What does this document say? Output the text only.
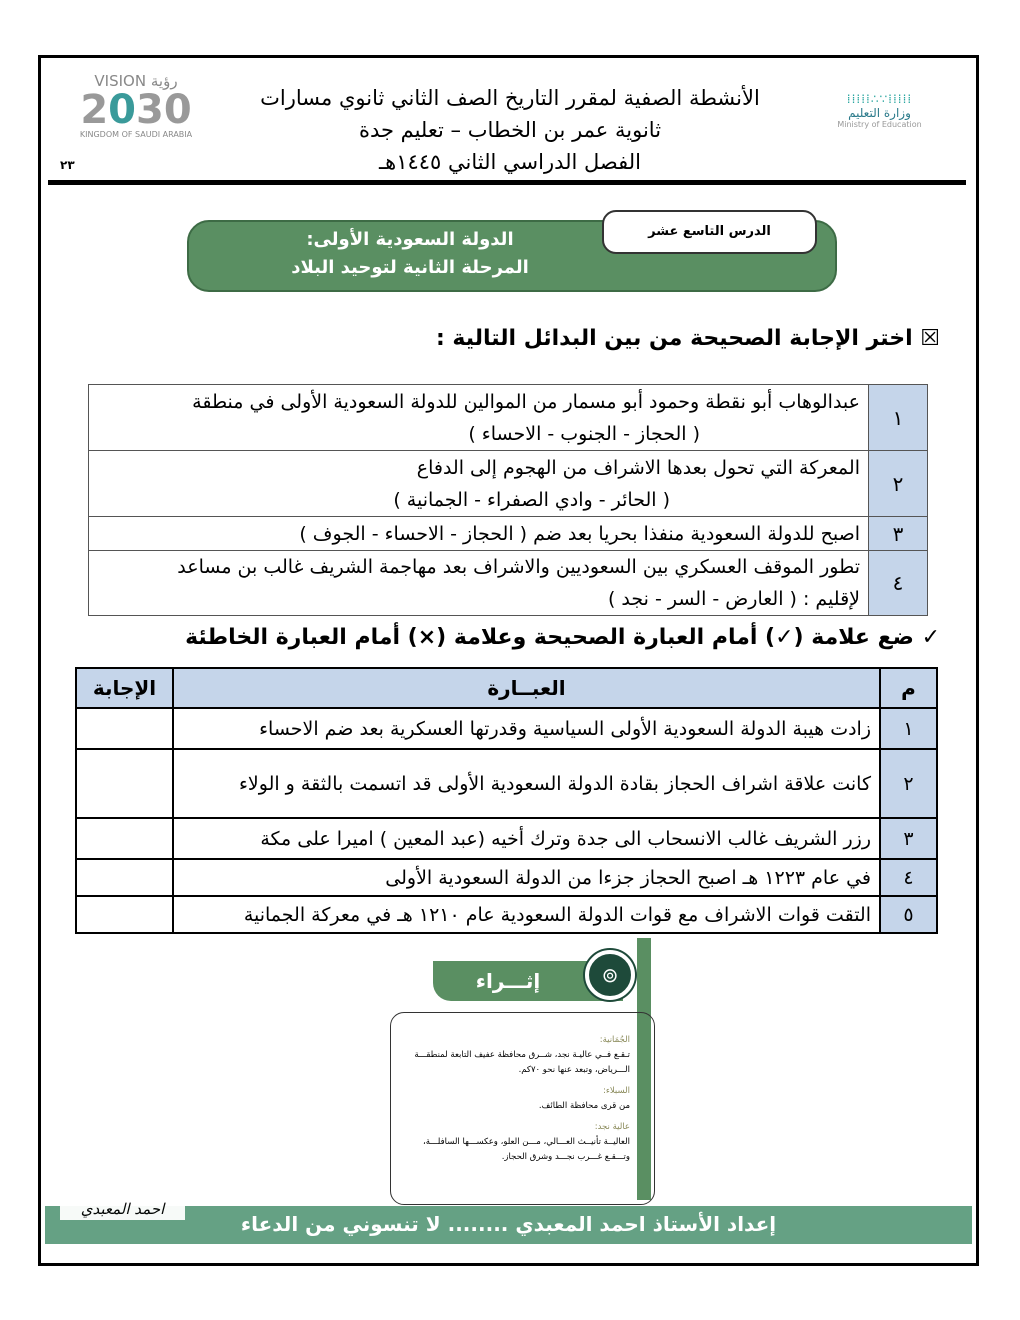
VISION رؤية
2030
KINGDOM OF SAUDI ARABIA
٢٣
الأنشطة الصفية لمقرر التاريخ الصف الثاني ثانوي مسارات
ثانوية عمر بن الخطاب – تعليم جدة
الفصل الدراسي الثاني ١٤٤٥هـ
⁞⁞⁞⁞⁞∴∵⁞⁞⁞⁞⁞
وزارة التعليم
Ministry of Education
الدولة السعودية الأولى:
المرحلة الثانية لتوحيد البلاد
الدرس التاسع عشر
☒ اختر الإجابة الصحيحة من بين البدائل التالية :
١	عبدالوهاب أبو نقطة وحمود أبو مسمار من الموالين للدولة السعودية الأولى في منطقة
( الحجاز - الجنوب - الاحساء )

٢	المعركة التي تحول بعدها الاشراف من الهجوم إلى الدفاع
( الحائر - وادي الصفراء - الجمانية )

٣	اصبح للدولة السعودية منفذا بحريا بعد ضم ( الحجاز - الاحساء - الجوف )

٤	تطور الموقف العسكري بين السعوديين والاشراف بعد مهاجمة الشريف غالب بن مساعد
لإقليم : ( العارض - السر - نجد )
✓ ضع علامة (✓) أمام العبارة الصحيحة وعلامة (×) أمام العبارة الخاطئة
م	العبــارة	الإجابة
١	زادت هيبة الدولة السعودية الأولى السياسية وقدرتها العسكرية بعد ضم الاحساء	
٢	كانت علاقة اشراف الحجاز بقادة الدولة السعودية الأولى قد اتسمت بالثقة و الولاء	
٣	رزر الشريف غالب الانسحاب الى جدة وترك أخيه (عبد المعين ) اميرا على مكة	
٤	في عام ١٢٢٣ هـ اصبح الحجاز جزءا من الدولة السعودية الأولى	
٥	التقت قوات الاشراف مع قوات الدولة السعودية عام ١٢١٠ هـ في معركة الجمانية	
إثـــراء	⊚
الجُمَانية:
تـقـع فــي عاليـة نجد، شــرق محافظة عفيف التابعة لمنطقـــة الـــرياض، وتبعد عنها نحو ٧٠كم.
السبلاء:
من قرى محافظة الطائف.
عالية نجد:
العاليــة تأنيــث العـــالي، مـــن العلو، وعكســـها السافلـــة، وتـــقـع غـــرب نجـــد وشرق الحجاز.
إعداد الأستاذ احمد المعبدي ........ لا تنسوني من الدعاء
احمد المعبدي
